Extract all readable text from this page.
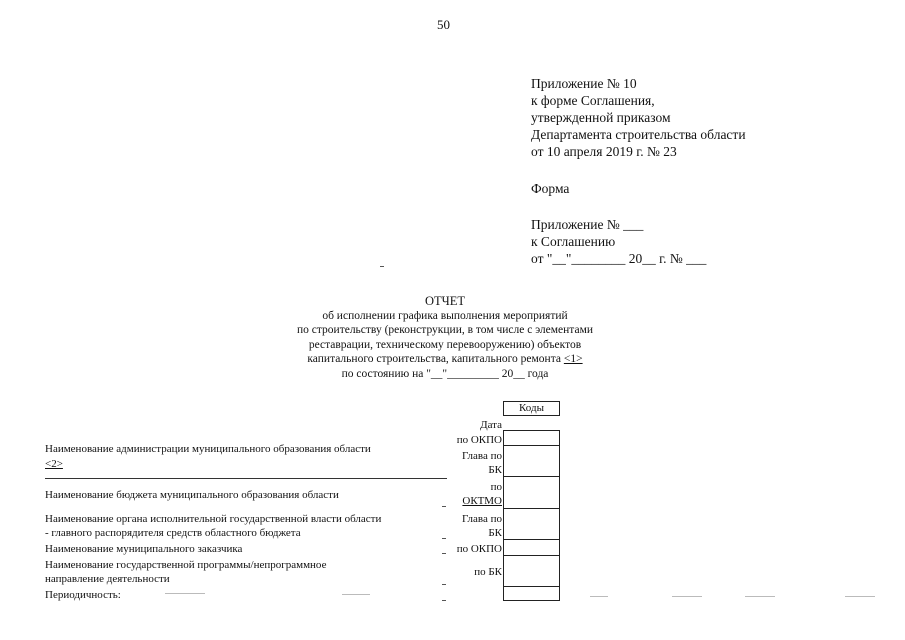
50
Приложение № 10
к форме Соглашения,
утвержденной приказом
Департамента строительства области
от 10 апреля 2019 г. № 23
Форма
Приложение № ___
к Соглашению
от "__"________ 20__ г. № ___
ОТЧЕТ
об исполнении графика выполнения мероприятий
по строительству (реконструкции, в том числе с элементами
реставрации, техническому перевооружению) объектов
капитального строительства, капитального ремонта <1>
по состоянию на "__"_________ 20__ года
Наименование администрации муниципального образования области
<2>
Наименование бюджета муниципального образования области
Наименование органа исполнительной государственной власти области
- главного распорядителя средств областного бюджета
Наименование муниципального заказчика
Наименование государственной программы/непрограммное
направление деятельности
Периодичность:
Дата
по ОКПО
Глава по
БК
по
ОКТМО
Глава по
БК
по ОКПО
по БК
Коды
